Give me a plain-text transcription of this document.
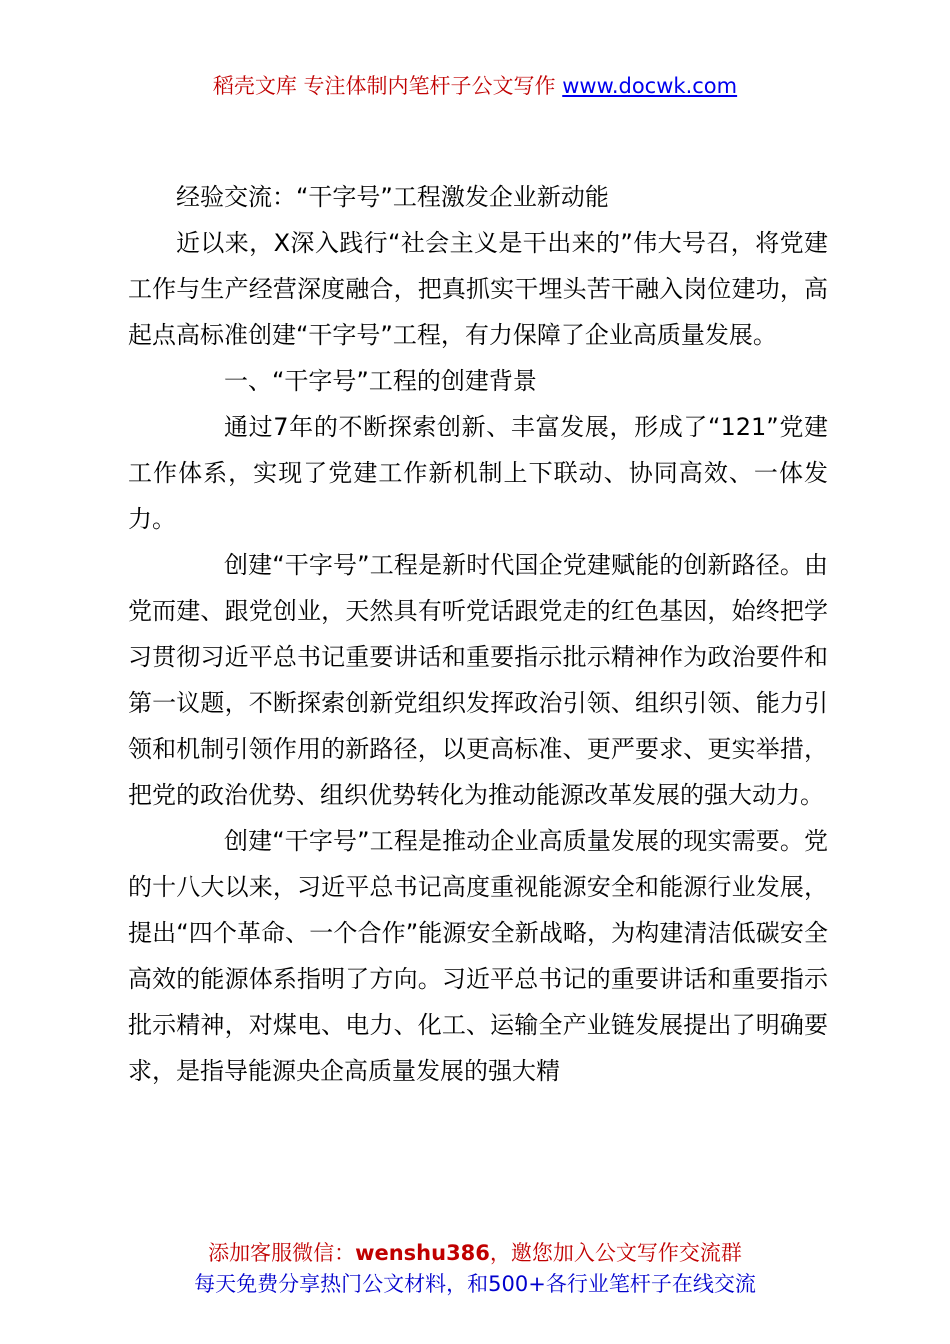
稻壳文库 专注体制内笔杆子公文写作 www.docwk.com

经验交流：“干字号”工程激发企业新动能

近以来，X深入践行“社会主义是干出来的”伟大号召，将党建工作与生产经营深度融合，把真抓实干埋头苦干融入岗位建功，高起点高标准创建“干字号”工程，有力保障了企业高质量发展。

一、“干字号”工程的创建背景

通过7年的不断探索创新、丰富发展，形成了“121”党建工作体系，实现了党建工作新机制上下联动、协同高效、一体发力。

创建“干字号”工程是新时代国企党建赋能的创新路径。由党而建、跟党创业，天然具有听党话跟党走的红色基因，始终把学习贯彻习近平总书记重要讲话和重要指示批示精神作为政治要件和第一议题，不断探索创新党组织发挥政治引领、组织引领、能力引领和机制引领作用的新路径，以更高标准、更严要求、更实举措，把党的政治优势、组织优势转化为推动能源改革发展的强大动力。

创建“干字号”工程是推动企业高质量发展的现实需要。党的十八大以来，习近平总书记高度重视能源安全和能源行业发展，提出“四个革命、一个合作”能源安全新战略，为构建清洁低碳安全高效的能源体系指明了方向。习近平总书记的重要讲话和重要指示批示精神，对煤电、电力、化工、运输全产业链发展提出了明确要求，是指导能源央企高质量发展的强大精

添加客服微信：wenshu386，邀您加入公文写作交流群
每天免费分享热门公文材料，和500+各行业笔杆子在线交流
